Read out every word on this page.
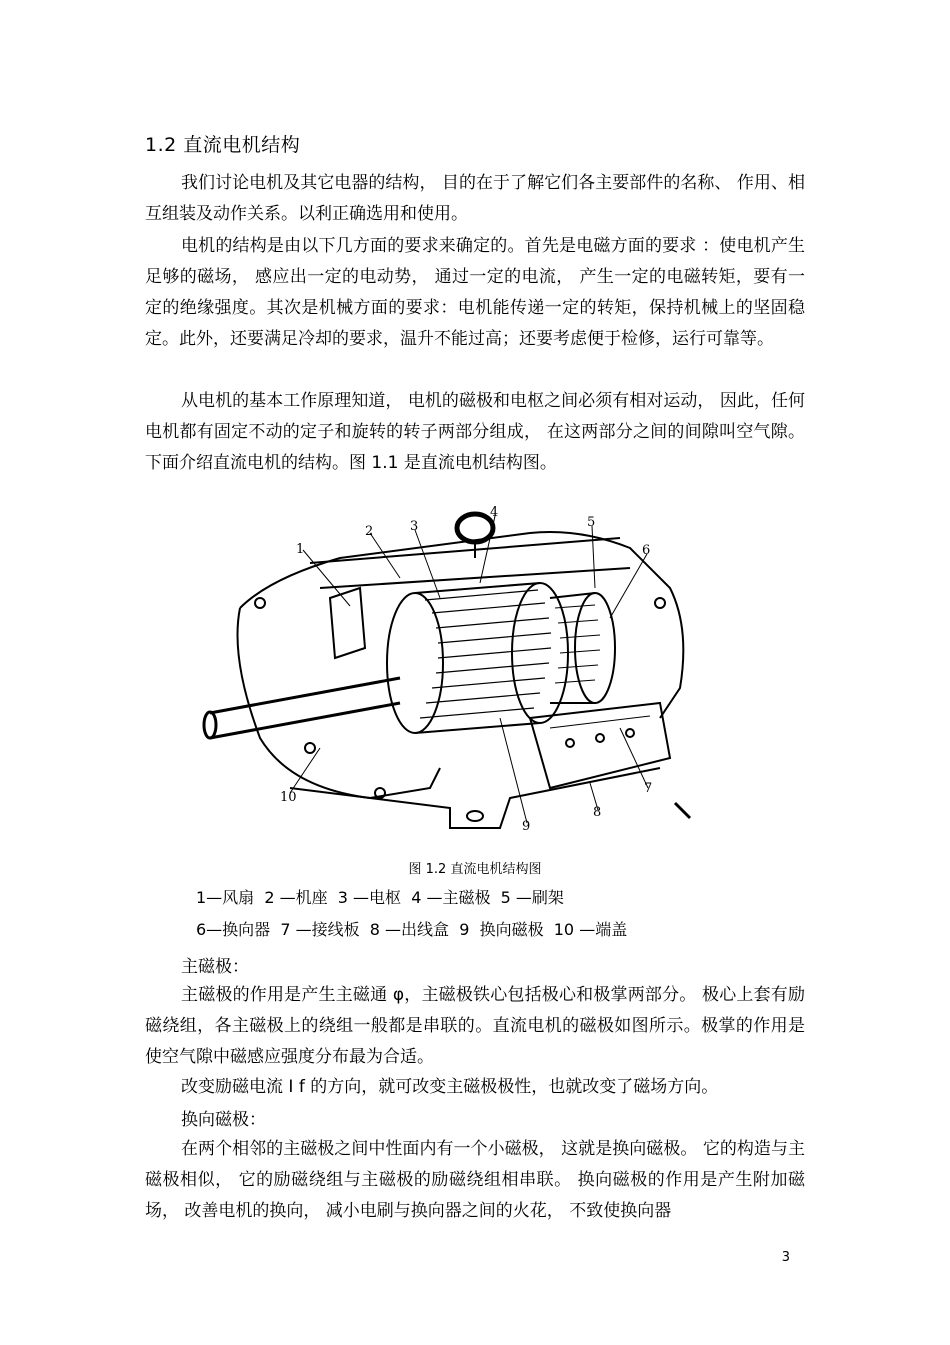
1.2 直流电机结构

我们讨论电机及其它电器的结构， 目的在于了解它们各主要部件的名称、 作用、相互组装及动作关系。以利正确选用和使用。

电机的结构是由以下几方面的要求来确定的。首先是电磁方面的要求 ：使电机产生足够的磁场， 感应出一定的电动势， 通过一定的电流， 产生一定的电磁转矩，要有一定的绝缘强度。其次是机械方面的要求：电机能传递一定的转矩，保持机械上的坚固稳定。此外，还要满足冷却的要求，温升不能过高；还要考虑便于检修，运行可靠等。

从电机的基本工作原理知道， 电机的磁极和电枢之间必须有相对运动， 因此，任何电机都有固定不动的定子和旋转的转子两部分组成， 在这两部分之间的间隙叫空气隙。下面介绍直流电机的结构。图 1.1 是直流电机结构图。

1
2	3
4
5
6
7
8
9
10
图 1.2 直流电机结构图
1—风扇  2 —机座  3 —电枢  4 —主磁极  5 —刷架
6—换向器  7 —接线板  8 —出线盒  9  换向磁极  10 —端盖
主磁极：

主磁极的作用是产生主磁通 φ，主磁极铁心包括极心和极掌两部分。 极心上套有励磁绕组，各主磁极上的绕组一般都是串联的。直流电机的磁极如图所示。极掌的作用是使空气隙中磁感应强度分布最为合适。

改变励磁电流 I f 的方向，就可改变主磁极极性，也就改变了磁场方向。

换向磁极：

在两个相邻的主磁极之间中性面内有一个小磁极， 这就是换向磁极。 它的构造与主磁极相似， 它的励磁绕组与主磁极的励磁绕组相串联。 换向磁极的作用是产生附加磁场， 改善电机的换向， 减小电刷与换向器之间的火花， 不致使换向器

3
